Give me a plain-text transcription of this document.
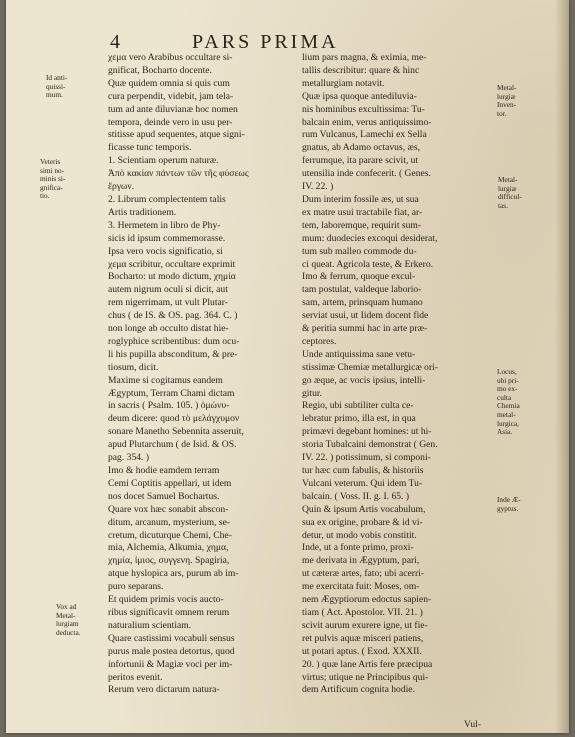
4	PARS PRIMA
χεμα vero Arabibus occultare si-
gnificat, Bocharto docente.
Quæ quidem omnia si quis cum
cura perpendit, videbit, jam tela-
tum ad ante diluvianæ hoc nomen
tempora, deinde vero in usu per-
stitisse apud sequentes, atque signi-
ficasse tunc temporis.
1. Scientiam operum naturæ.
Ἀπὸ κακίαν πάντων τῶν τῆς φύσεως
ἔργων.
2. Librum complectentem talis
Artis traditionem.
3. Hermetem in libro de Phy-
sicis id ipsum commemorasse.
Ipsa vero vocis significatio, si
χεμα scribitur, occultare exprimit
Bocharto: ut modo dictum, χημία
autem nigrum oculi si dicit, aut
rem nigerrimam, ut vult Plutar-
chus ( de IS. & OS. pag. 364. C. )
non longe ab occulto distat hie-
roglyphice scribentibus: dum ocu-
li his pupilla absconditum, & pre-
tiosum, dicit.
Maxime si cogitamus eandem
Ægyptum, Terram Chami dictam
in sacris ( Psalm. 105. ) ὁμώνυ-
deum dicere: quod τὸ μελάγχυμον
sonare Manetho Sebennita asseruit,
apud Plutarchum ( de Isid. & OS.
pag. 354. )
Imo & hodie eamdem terram
Cemi Coptitis appellari, ut idem
nos docet Samuel Bochartus.
Quare vox hæc sonabit abscon-
ditum, arcanum, mysterium, se-
cretum, dicuturque Chemi, Che-
mia, Alchemia, Alkumia, χημα,
χημία, ἰμιος, συγγενη. Spagiria,
atque hyslopica ars, purum ab im-
puro separans.
Et quidem primis vocis aucto-
ribus significavit omnem rerum
naturalium scientiam.
Quare castissimi vocabuli sensus
purus male postea detortus, quod
infortunii & Magiæ voci per im-
peritos evenit.
Rerum vero dictarum natura-
lium pars magna, & eximia, me-
tallis describitur: quare & hinc
metallurgiam notavit.
Quæ ipsa quoque antediluvia-
nis hominibus excultissima: Tu-
balcain enim, verus antiquissimo-
rum Vulcanus, Lamechi ex Sella
gnatus, ab Adamo octavus, æs,
ferrumque, ita parare scivit, ut
utensilia inde confecerit. ( Genes.
IV. 22. )
Dum interim fossile æs, ut sua
ex matre usui tractabile fiat, ar-
tem, laboremque, requirit sum-
mum: duodecies excoqui desiderat,
tum sub malleo commode du-
ci queat. Agricola teste, & Erkero.
Imo & ferrum, quoque excul-
tam postulat, valdeque laborio-
sam, artem, prinsquam humano
serviat usui, ut Iidem docent fide
& peritia summi hac in arte præ-
ceptores.
Unde antiquissima sane vetu-
stissimæ Chemiæ metallurgicæ ori-
go æque, ac vocis ipsius, intelli-
gitur.
Regio, ubi subtiliter culta ce-
lebratur primo, illa est, in qua
primævi degebant homines: ut hi-
storia Tubalcaini demonstrat ( Gen.
IV. 22. ) potissimum, si componi-
tur hæc cum fabulis, & historiis
Vulcani veterum. Qui idem Tu-
balcain. ( Voss. II. g. I. 65. )
Quin & ipsum Artis vocabulum,
sua ex origine, probare & id vi-
detur, ut modo vobis constitit.
Inde, ut a fonte primo, proxi-
me derivata in Ægyptum, pari,
ut cæteræ artes, fato; ubi acerri-
me exercitata fuit: Moses, om-
nem Ægyptiorum edoctus sapien-
tiam ( Act. Apostolor. VII. 21. )
scivit aurum exurere igne, ut fie-
ret pulvis aquæ misceri patiens,
ut potari aptus. ( Exod. XXXII.
20. ) quæ lane Artis fere præcipua
virtus; utique ne Principibus qui-
dem Artificum cognita hodie.
Id anti-
quissi-
mum.
Veteris
simi no-
minis si-
gnifica-
tio.
Vox ad
Metal-
lurgiam
deducta.
Metal-
lurgiæ
Inven-
tor.
Metal-
lurgiæ
difficul-
tas.
Locus,
ubi pri-
mo ex-
culta
Chemia
metal-
lurgica,
Asia.
Inde Æ-
gyptus.
Vul-
